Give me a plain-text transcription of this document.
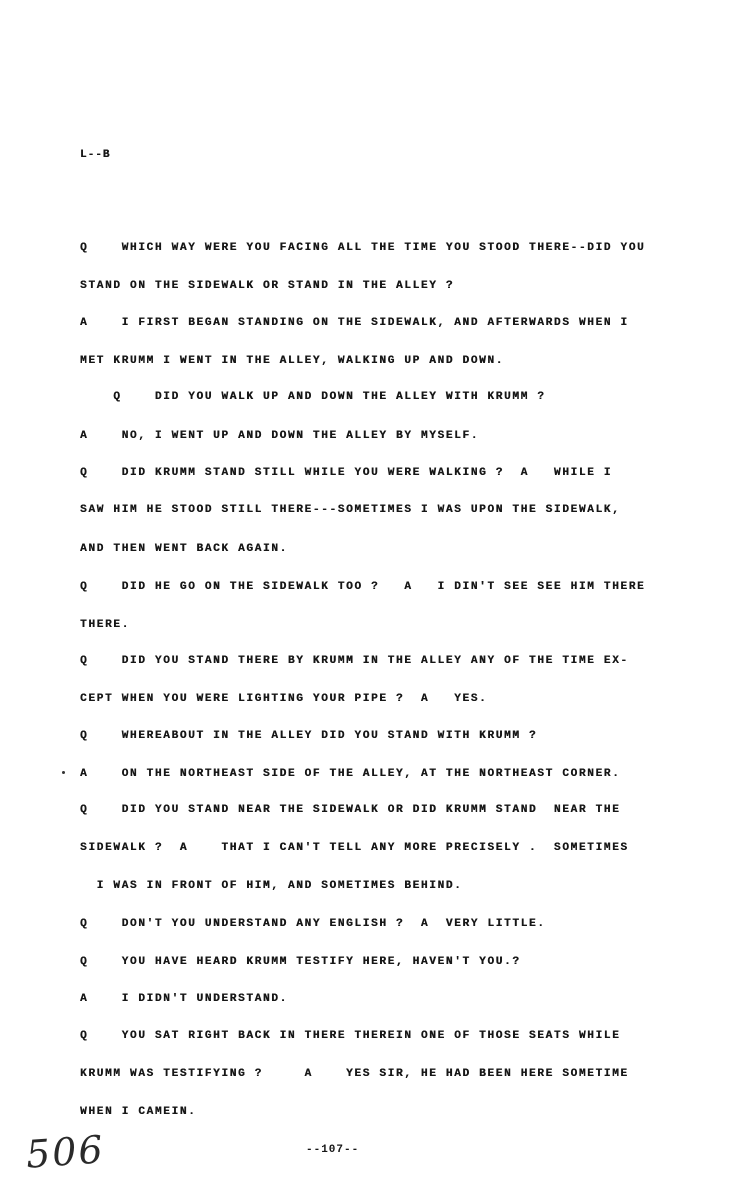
L--B
Q    WHICH WAY WERE YOU FACING ALL THE TIME YOU STOOD THERE--DID YOU
STAND ON THE SIDEWALK OR STAND IN THE ALLEY ?
A    I FIRST BEGAN STANDING ON THE SIDEWALK, AND AFTERWARDS WHEN I
MET KRUMM I WENT IN THE ALLEY, WALKING UP AND DOWN.
Q    DID YOU WALK UP AND DOWN THE ALLEY WITH KRUMM ?
A    NO, I WENT UP AND DOWN THE ALLEY BY MYSELF.
Q    DID KRUMM STAND STILL WHILE YOU WERE WALKING ?  A   WHILE I
SAW HIM HE STOOD STILL THERE---SOMETIMES I WAS UPON THE SIDEWALK,
AND THEN WENT BACK AGAIN.
Q    DID HE GO ON THE SIDEWALK TOO ?   A   I DIN'T SEE SEE HIM THERE
THERE.
Q    DID YOU STAND THERE BY KRUMM IN THE ALLEY ANY OF THE TIME EX-
CEPT WHEN YOU WERE LIGHTING YOUR PIPE ?  A   YES.
Q    WHEREABOUT IN THE ALLEY DID YOU STAND WITH KRUMM ?
A    ON THE NORTHEAST SIDE OF THE ALLEY, AT THE NORTHEAST CORNER.
Q    DID YOU STAND NEAR THE SIDEWALK OR DID KRUMM STAND  NEAR THE
SIDEWALK ?  A    THAT I CAN'T TELL ANY MORE PRECISELY .  SOMETIMES
I WAS IN FRONT OF HIM, AND SOMETIMES BEHIND.
Q    DON'T YOU UNDERSTAND ANY ENGLISH ?  A  VERY LITTLE.
Q    YOU HAVE HEARD KRUMM TESTIFY HERE, HAVEN'T YOU.?
A    I DIDN'T UNDERSTAND.
Q    YOU SAT RIGHT BACK IN THERE THEREIN ONE OF THOSE SEATS WHILE
KRUMM WAS TESTIFYING ?     A    YES SIR, HE HAD BEEN HERE SOMETIME
WHEN I CAMEIN.
506	--107--
